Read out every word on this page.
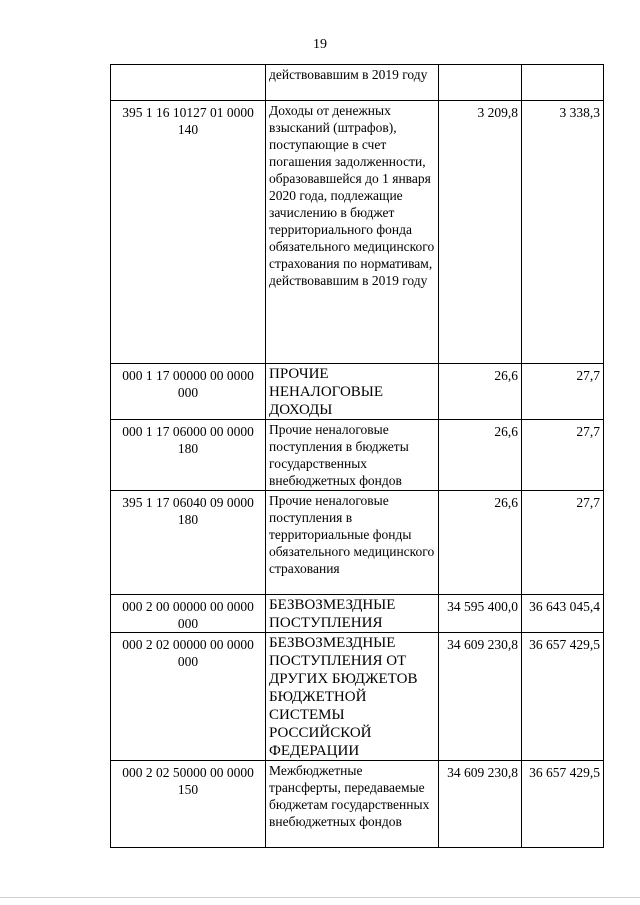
19
	действовавшим в 2019 году		
395 1 16 10127 01 0000 140	Доходы от денежных взысканий (штрафов), поступающие в счет погашения задолженности, образовавшейся до 1 января 2020 года, подлежащие зачислению в бюджет территориального фонда обязательного медицинского страхования по нормативам, действовавшим в 2019 году	3 209,8	3 338,3
000 1 17 00000 00 0000 000	ПРОЧИЕ НЕНАЛОГОВЫЕ ДОХОДЫ	26,6	27,7
000 1 17 06000 00 0000 180	Прочие неналоговые поступления в бюджеты государственных внебюджетных фондов	26,6	27,7
395 1 17 06040 09 0000 180	Прочие неналоговые поступления в территориальные фонды обязательного медицинского страхования	26,6	27,7
000 2 00 00000 00 0000 000	БЕЗВОЗМЕЗДНЫЕ ПОСТУПЛЕНИЯ	34 595 400,0	36 643 045,4
000 2 02 00000 00 0000 000	БЕЗВОЗМЕЗДНЫЕ ПОСТУПЛЕНИЯ ОТ ДРУГИХ БЮДЖЕТОВ БЮДЖЕТНОЙ СИСТЕМЫ РОССИЙСКОЙ ФЕДЕРАЦИИ	34 609 230,8	36 657 429,5
000 2 02 50000 00 0000 150	Межбюджетные трансферты, передаваемые бюджетам государственных внебюджетных фондов	34 609 230,8	36 657 429,5
